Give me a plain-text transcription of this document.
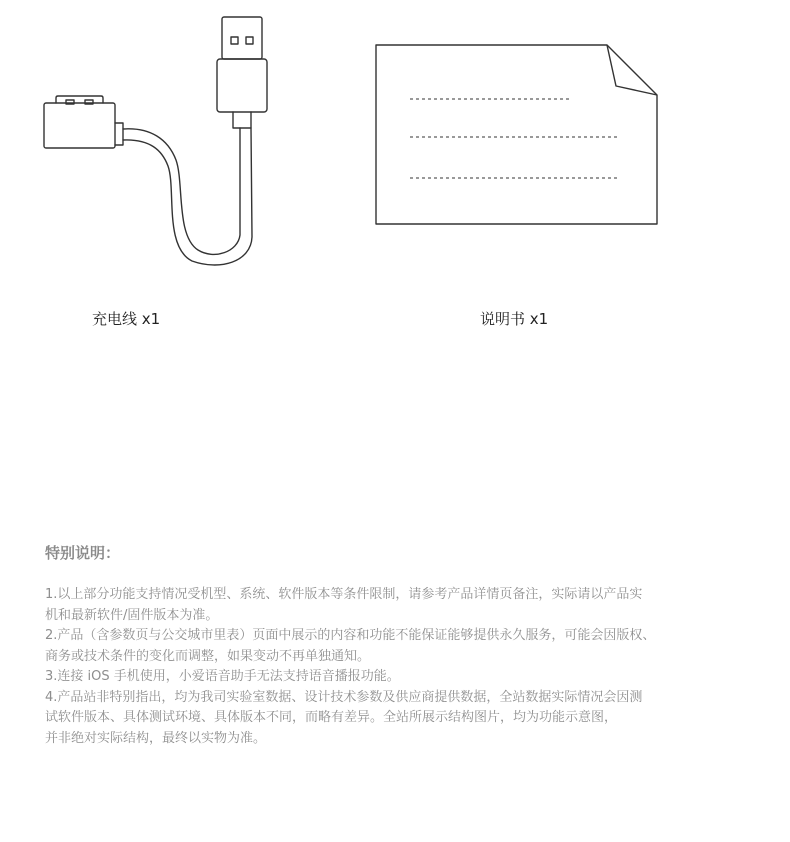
充电线 x1	说明书 x1
特别说明：
1.以上部分功能支持情况受机型、系统、软件版本等条件限制，请参考产品详情页备注，实际请以产品实
机和最新软件/固件版本为准。
2.产品（含参数页与公交城市里表）页面中展示的内容和功能不能保证能够提供永久服务，可能会因版权、
商务或技术条件的变化而调整，如果变动不再单独通知。
3.连接 iOS 手机使用，小爱语音助手无法支持语音播报功能。
4.产品站非特别指出，均为我司实验室数据、设计技术参数及供应商提供数据，全站数据实际情况会因测
试软件版本、具体测试环境、具体版本不同，而略有差异。全站所展示结构图片，均为功能示意图，
并非绝对实际结构，最终以实物为准。
